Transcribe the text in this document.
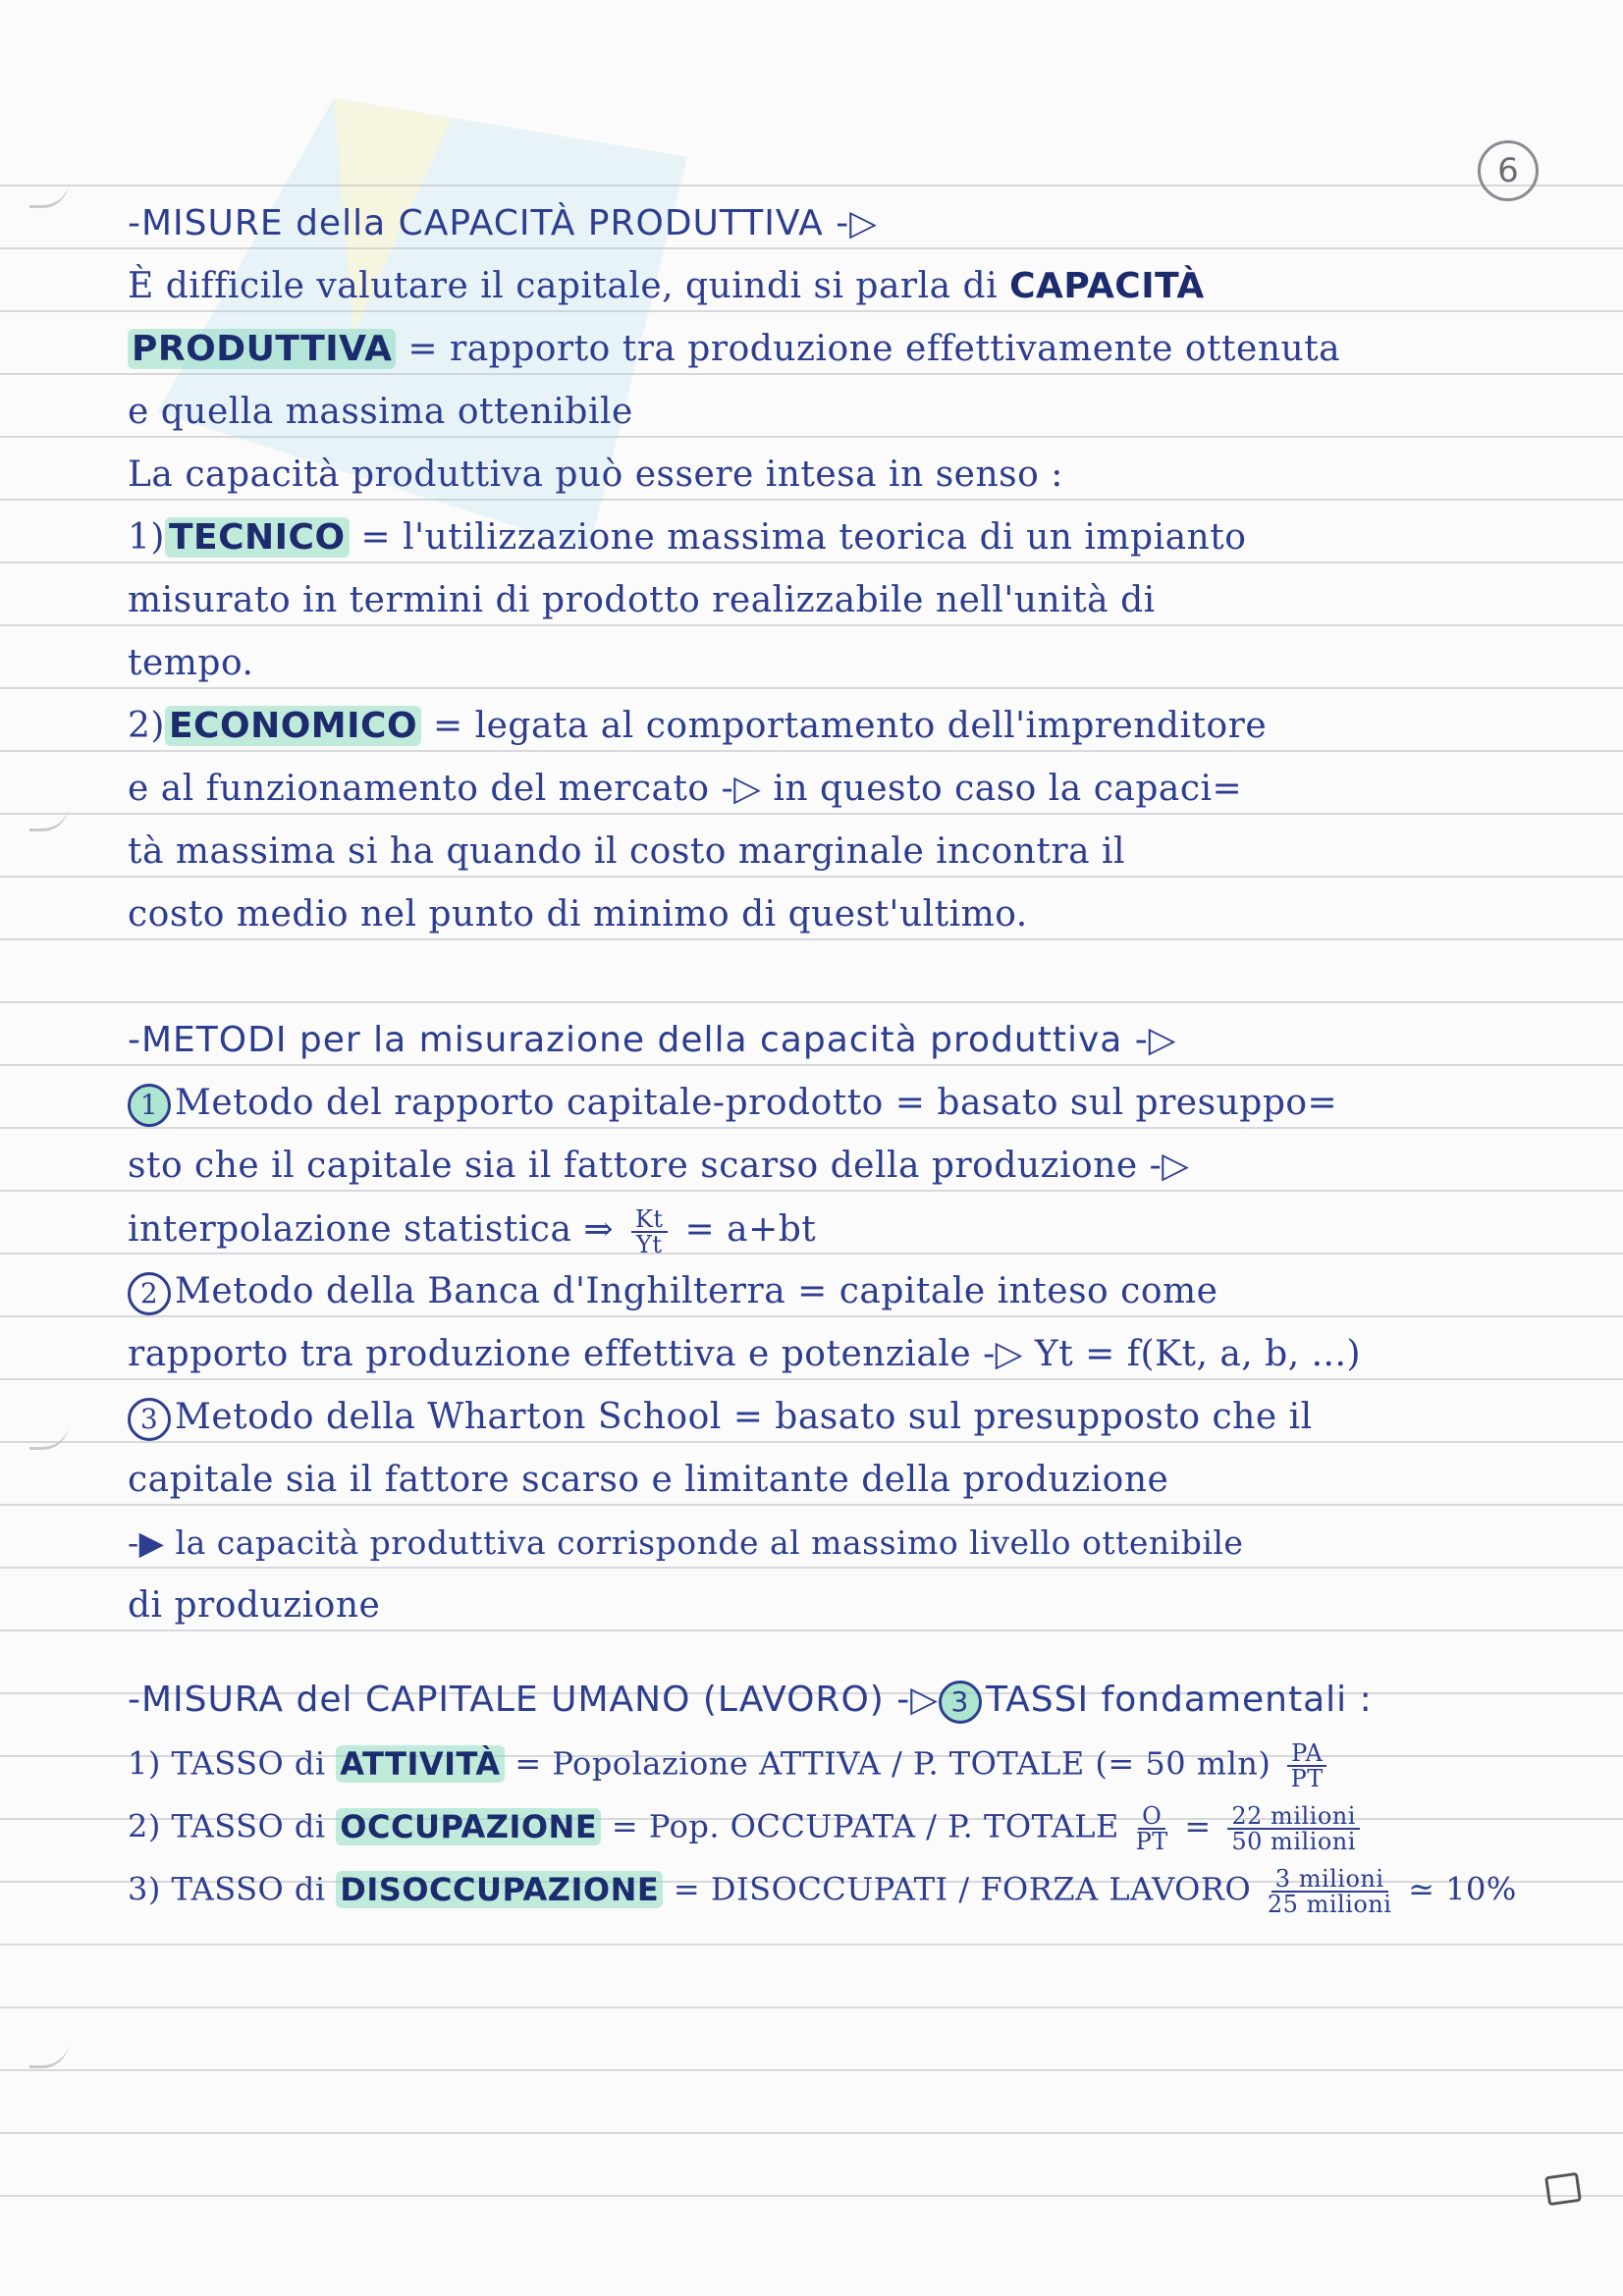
6
-MISURE della CAPACITÀ PRODUTTIVA -▷
È difficile valutare il capitale, quindi si parla di CAPACITÀ
PRODUTTIVA = rapporto tra produzione effettivamente ottenuta
e quella massima ottenibile
La capacità produttiva può essere intesa in senso :
1) TECNICO = l'utilizzazione massima teorica di un impianto
misurato in termini di prodotto realizzabile nell'unità di
tempo.
2) ECONOMICO = legata al comportamento dell'imprenditore
e al funzionamento del mercato -▷ in questo caso la capaci=
tà massima si ha quando il costo marginale incontra il
costo medio nel punto di minimo di quest'ultimo.
-METODI per la misurazione della capacità produttiva -▷
1 Metodo del rapporto capitale-prodotto = basato sul presuppo=
sto che il capitale sia il fattore scarso della produzione -▷
interpolazione statistica ⇒ $\frac{Kt}{Yt} = a+bt$
2 Metodo della Banca d'Inghilterra = capitale inteso come
rapporto tra produzione effettiva e potenziale -▷ Yt = f(Kt, a, b, ...)
3 Metodo della Wharton School = basato sul presupposto che il
capitale sia il fattore scarso e limitante della produzione
-▶ la capacità produttiva corrisponde al massimo livello ottenibile
di produzione
-MISURA del CAPITALE UMANO (LAVORO) -▷ 3 TASSI fondamentali :
1) TASSO di ATTIVITÀ = Popolazione ATTIVA / P. TOTALE (= 50 $mln) \frac{PA}{PT}$
2) TASSO di OCCUPAZIONE = Pop. OCCUPATA / P. TOTALE $\frac{O}{PT} = \frac{\text{22 milioni}}{\text{50 milioni}}$
3) TASSO di DISOCCUPAZIONE = DISOCCUPATI / FORZA LAVORO $\frac{\text{3 milioni}}{\text{25 milioni}}$ ≃ 10%
